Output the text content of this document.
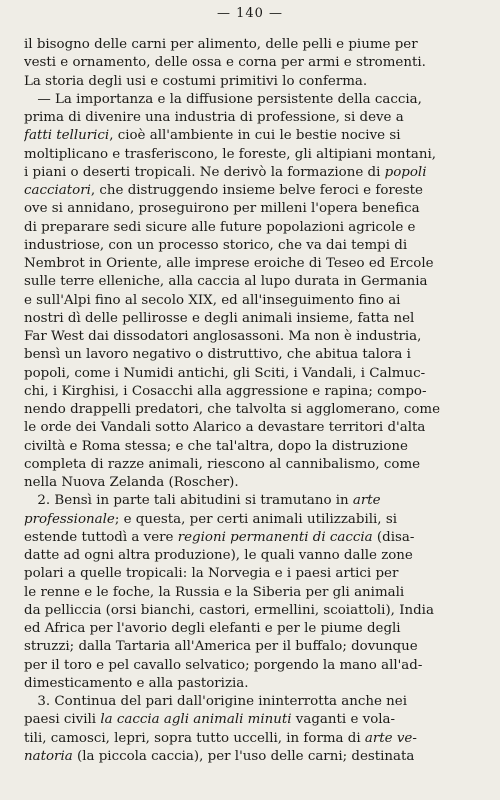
— 140 —
il bisogno delle carni per alimento, delle pelli e piume per
vesti e ornamento, delle ossa e corna per armi e stromenti.
La storia degli usi e costumi primitivi lo conferma.
 — La importanza e la diffusione persistente della caccia,
prima di divenire una industria di professione, si deve a
fatti tellurici, cioè all'ambiente in cui le bestie nocive si
moltiplicano e trasferiscono, le foreste, gli altipiani montani,
i piani o deserti tropicali. Ne derivò la formazione di popoli
cacciatori, che distruggendo insieme belve feroci e foreste
ove si annidano, proseguirono per milleni l'opera benefica
di preparare sedi sicure alle future popolazioni agricole e
industriose, con un processo storico, che va dai tempi di
Nembrot in Oriente, alle imprese eroiche di Teseo ed Ercole
sulle terre elleniche, alla caccia al lupo durata in Germania
e sull'Alpi fino al secolo XIX, ed all'inseguimento fino ai
nostri dì delle pellirosse e degli animali insieme, fatta nel
Far West dai dissodatori anglosassoni. Ma non è industria,
bensì un lavoro negativo o distruttivo, che abitua talora i
popoli, come i Numidi antichi, gli Sciti, i Vandali, i Calmuc-
chi, i Kirghisi, i Cosacchi alla aggressione e rapina; compo-
nendo drappelli predatori, che talvolta si agglomerano, come
le orde dei Vandali sotto Alarico a devastare territori d'alta
civiltà e Roma stessa; e che tal'altra, dopo la distruzione
completa di razze animali, riescono al cannibalismo, come
nella Nuova Zelanda (Roscher).
 2. Bensì in parte tali abitudini si tramutano in arte
professionale; e questa, per certi animali utilizzabili, si
estende tuttodì a vere regioni permanenti di caccia (disa-
datte ad ogni altra produzione), le quali vanno dalle zone
polari a quelle tropicali: la Norvegia e i paesi artici per
le renne e le foche, la Russia e la Siberia per gli animali
da pelliccia (orsi bianchi, castori, ermellini, scoiattoli), India
ed Africa per l'avorio degli elefanti e per le piume degli
struzzi; dalla Tartaria all'America per il buffalo; dovunque
per il toro e pel cavallo selvatico; porgendo la mano all'ad-
dimesticamento e alla pastorizia.
 3. Continua del pari dall'origine ininterrotta anche nei
paesi civili la caccia agli animali minuti vaganti e vola-
tili, camosci, lepri, sopra tutto uccelli, in forma di arte ve-
natoria (la piccola caccia), per l'uso delle carni; destinata
